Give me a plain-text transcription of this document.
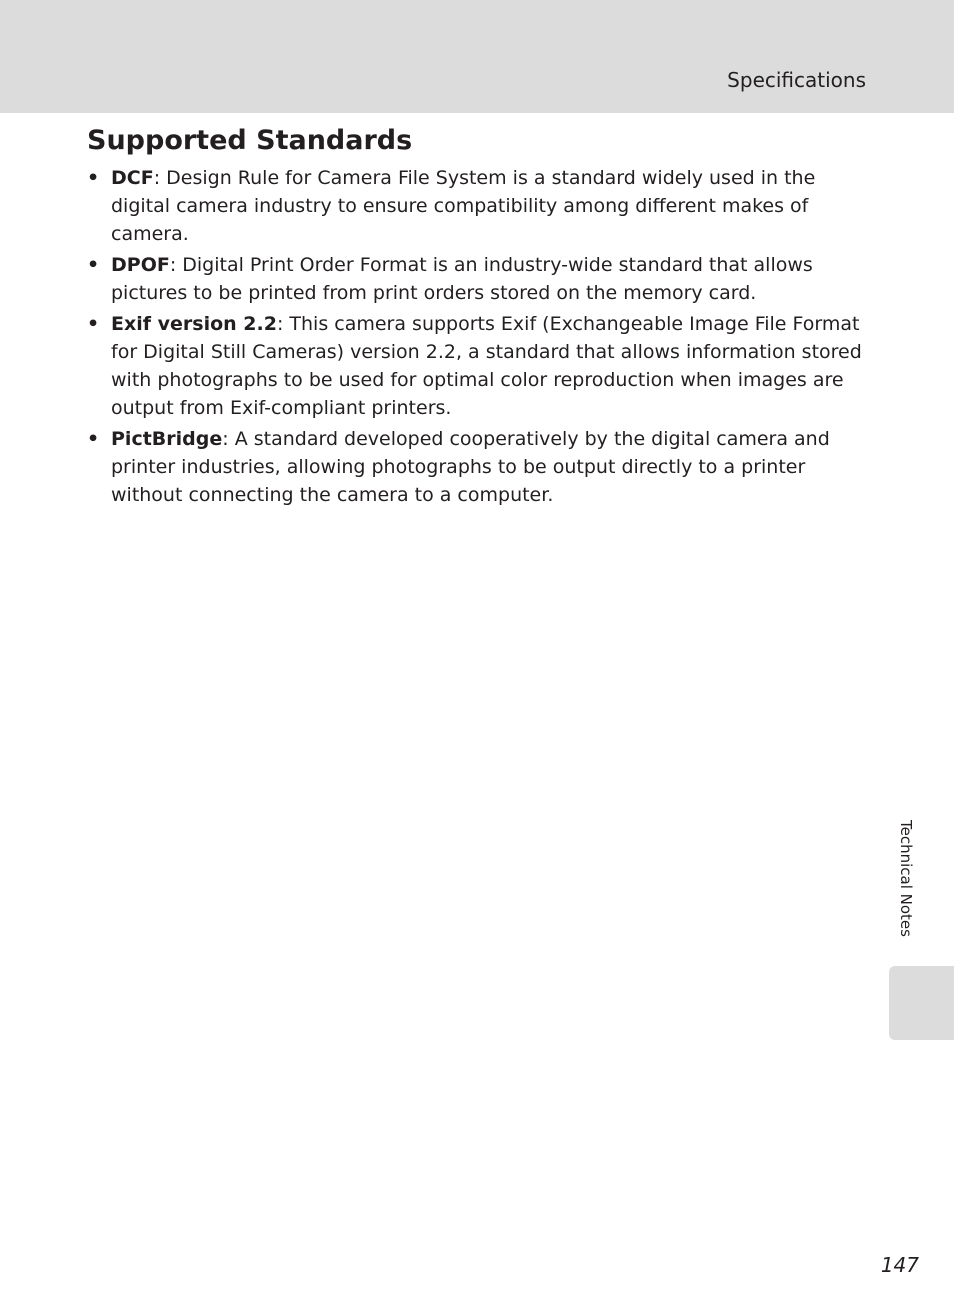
Specifications
Supported Standards
• DCF: Design Rule for Camera File System is a standard widely used in the digital camera industry to ensure compatibility among different makes of camera.
• DPOF: Digital Print Order Format is an industry-wide standard that allows pictures to be printed from print orders stored on the memory card.
• Exif version 2.2: This camera supports Exif (Exchangeable Image File Format for Digital Still Cameras) version 2.2, a standard that allows information stored with photographs to be used for optimal color reproduction when images are output from Exif-compliant printers.
• PictBridge: A standard developed cooperatively by the digital camera and printer industries, allowing photographs to be output directly to a printer without connecting the camera to a computer.
Technical Notes
147
